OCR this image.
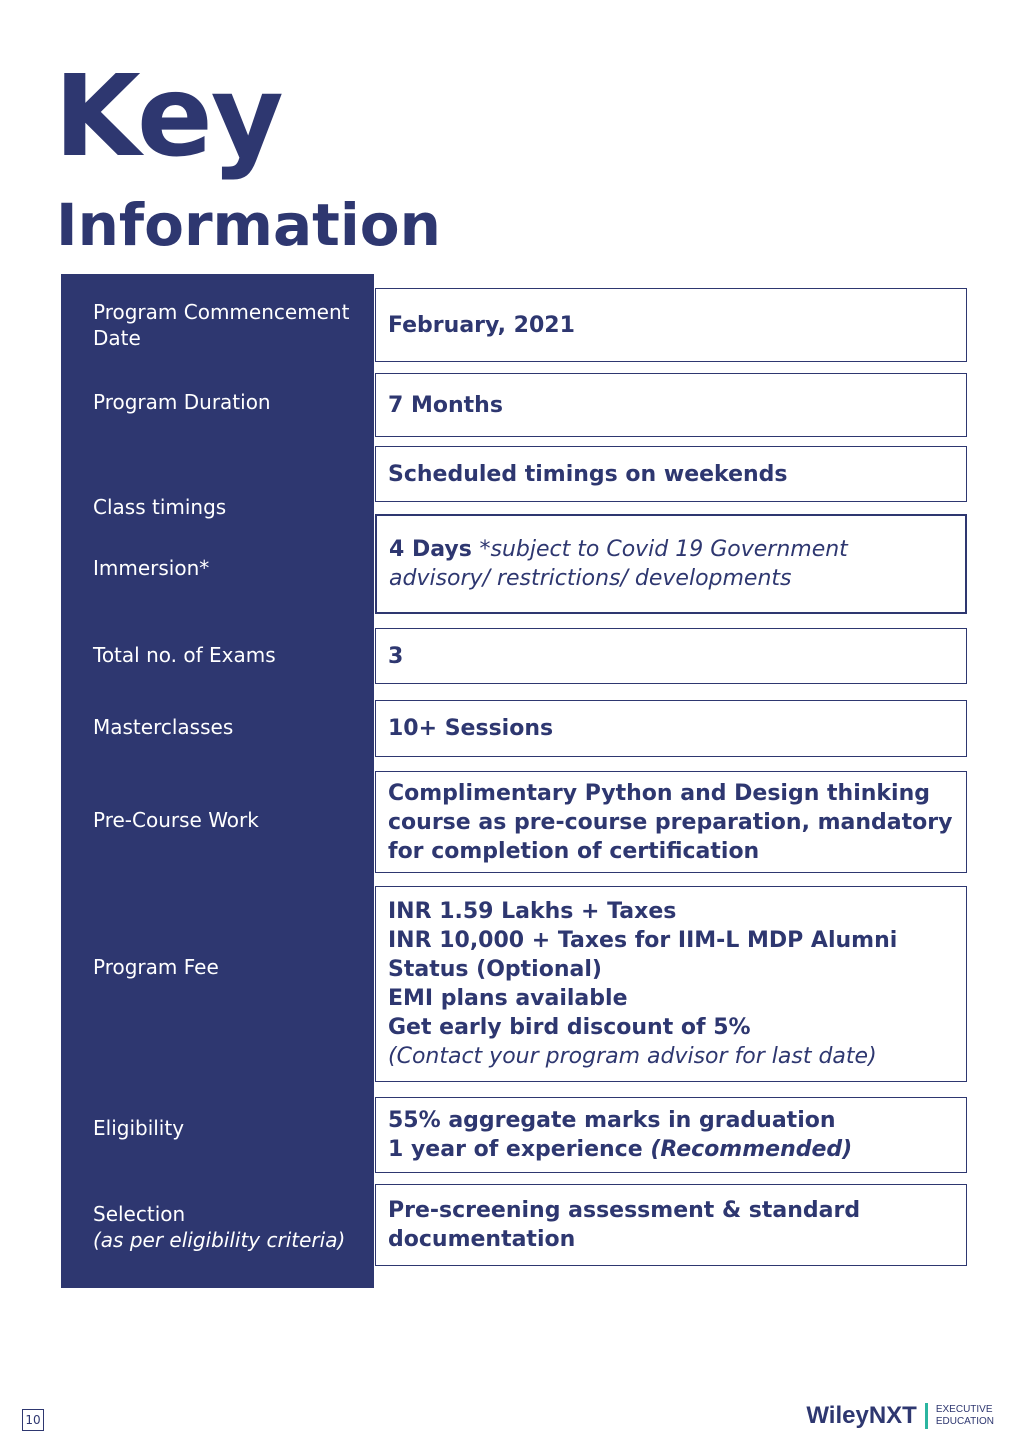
Key
Information
Program Commencement Date
Program Duration
Class timings
Immersion*
Total no. of Exams
Masterclasses
Pre-Course Work
Program Fee
Eligibility
Selection
(as per eligibility criteria)
February, 2021
7 Months
Scheduled timings on weekends
4 Days *subject to Covid 19 Government advisory/ restrictions/ developments
3
10+ Sessions
Complimentary Python and Design thinking course as pre-course preparation, mandatory for completion of certification
INR 1.59 Lakhs + Taxes
INR 10,000 + Taxes for IIM-L MDP Alumni Status (Optional)
EMI plans available
Get early bird discount of 5%
(Contact your program advisor for last date)
55% aggregate marks in graduation
1 year of experience (Recommended)
Pre-screening assessment & standard documentation
10	WileyNXT EXECUTIVE
EDUCATION
